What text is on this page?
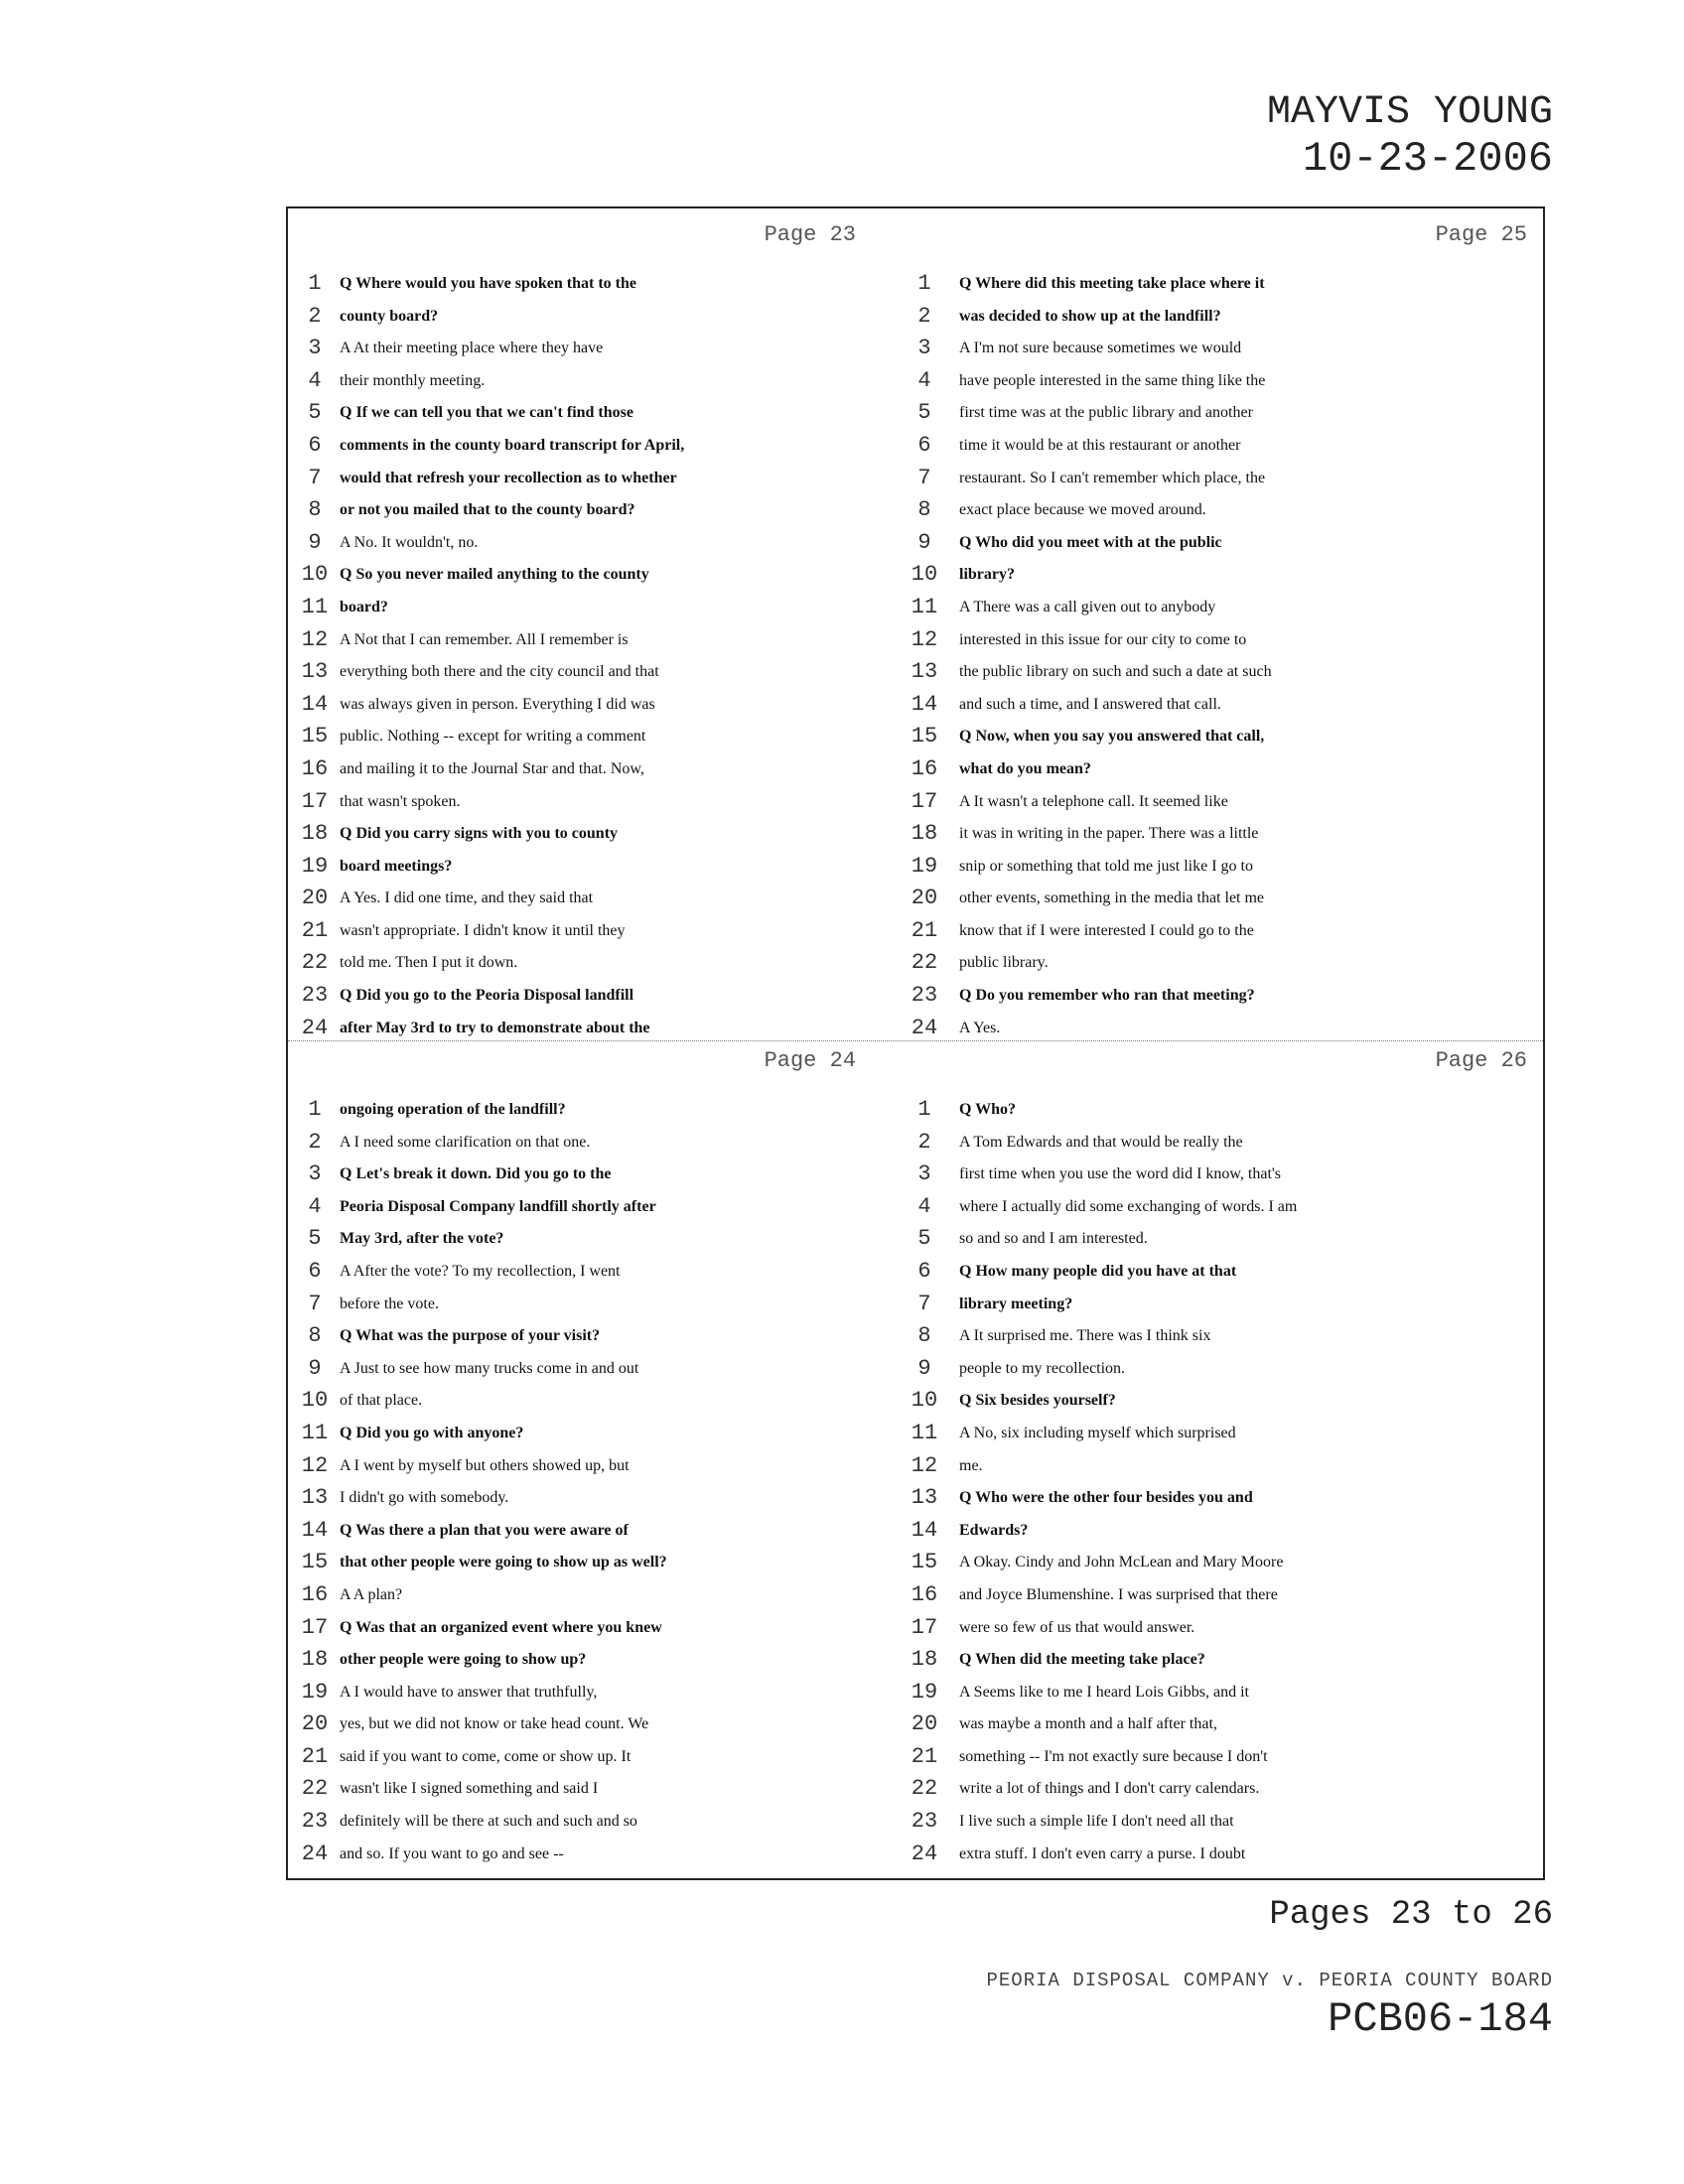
MAYVIS YOUNG
10-23-2006
Page 23
1	Q Where would you have spoken that to the
2	county board?
3	A At their meeting place where they have
4	their monthly meeting.
5	Q If we can tell you that we can't find those
6	comments in the county board transcript for April,
7	would that refresh your recollection as to whether
8	or not you mailed that to the county board?
9	A No. It wouldn't, no.
10 Q So you never mailed anything to the county
11 board?
12 A Not that I can remember. All I remember is
13 everything both there and the city council and that
14 was always given in person. Everything I did was
15 public. Nothing -- except for writing a comment
16 and mailing it to the Journal Star and that. Now,
17 that wasn't spoken.
18 Q Did you carry signs with you to county
19 board meetings?
20 A Yes. I did one time, and they said that
21 wasn't appropriate. I didn't know it until they
22 told me. Then I put it down.
23 Q Did you go to the Peoria Disposal landfill
24 after May 3rd to try to demonstrate about the
Page 25
1	Q Where did this meeting take place where it
2	was decided to show up at the landfill?
3	A I'm not sure because sometimes we would
4	have people interested in the same thing like the
5	first time was at the public library and another
6	time it would be at this restaurant or another
7	restaurant. So I can't remember which place, the
8	exact place because we moved around.
9	Q Who did you meet with at the public
10 library?
11 A There was a call given out to anybody
12 interested in this issue for our city to come to
13 the public library on such and such a date at such
14 and such a time, and I answered that call.
15 Q Now, when you say you answered that call,
16 what do you mean?
17 A It wasn't a telephone call. It seemed like
18 it was in writing in the paper. There was a little
19 snip or something that told me just like I go to
20 other events, something in the media that let me
21 know that if I were interested I could go to the
22 public library.
23 Q Do you remember who ran that meeting?
24 A Yes.
Page 24
1	ongoing operation of the landfill?
2	A I need some clarification on that one.
3	Q Let's break it down. Did you go to the
4	Peoria Disposal Company landfill shortly after
5	May 3rd, after the vote?
6	A After the vote? To my recollection, I went
7	before the vote.
8	Q What was the purpose of your visit?
9	A Just to see how many trucks come in and out
10 of that place.
11 Q Did you go with anyone?
12 A I went by myself but others showed up, but
13 I didn't go with somebody.
14 Q Was there a plan that you were aware of
15 that other people were going to show up as well?
16 A A plan?
17 Q Was that an organized event where you knew
18 other people were going to show up?
19 A I would have to answer that truthfully,
20 yes, but we did not know or take head count. We
21 said if you want to come, come or show up. It
22 wasn't like I signed something and said I
23 definitely will be there at such and such and so
24 and so. If you want to go and see --
Page 26
1	Q Who?
2	A Tom Edwards and that would be really the
3	first time when you use the word did I know, that's
4	where I actually did some exchanging of words. I am
5	so and so and I am interested.
6	Q How many people did you have at that
7	library meeting?
8	A It surprised me. There was I think six
9	people to my recollection.
10 Q Six besides yourself?
11 A No, six including myself which surprised
12 me.
13 Q Who were the other four besides you and
14 Edwards?
15 A Okay. Cindy and John McLean and Mary Moore
16 and Joyce Blumenshine. I was surprised that there
17 were so few of us that would answer.
18 Q When did the meeting take place?
19 A Seems like to me I heard Lois Gibbs, and it
20 was maybe a month and a half after that,
21 something -- I'm not exactly sure because I don't
22 write a lot of things and I don't carry calendars.
23 I live such a simple life I don't need all that
24 extra stuff. I don't even carry a purse. I doubt
Pages 23 to 26
PEORIA DISPOSAL COMPANY v. PEORIA COUNTY BOARD
PCB06-184
